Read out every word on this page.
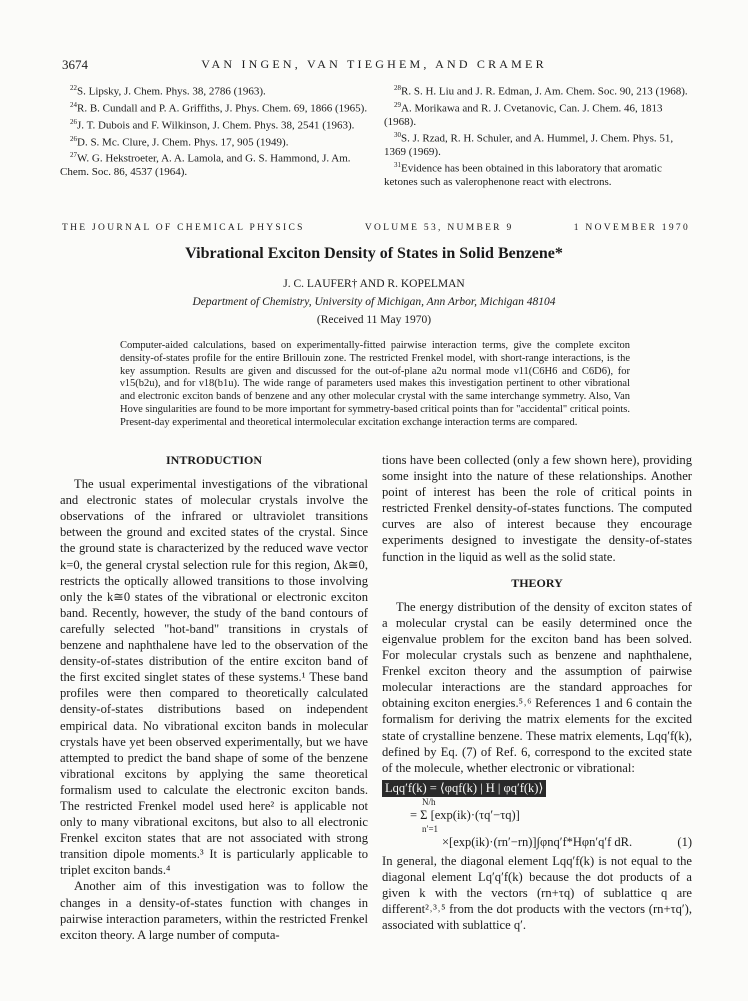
3674	VAN INGEN, VAN TIEGHEM, AND CRAMER

$^{22}$S. Lipsky, J. Chem. Phys. 38, 2786 (1963).

$^{24}$R. B. Cundall and P. A. Griffiths, J. Phys. Chem. 69, 1866 (1965).

$^{26}$J. T. Dubois and F. Wilkinson, J. Chem. Phys. 38, 2541 (1963).

$^{26}$D. S. Mc. Clure, J. Chem. Phys. 17, 905 (1949).

$^{27}$W. G. Hekstroeter, A. A. Lamola, and G. S. Hammond, J. Am. Chem. Soc. 86, 4537 (1964).

$^{28}$R. S. H. Liu and J. R. Edman, J. Am. Chem. Soc. 90, 213 (1968).

$^{29}$A. Morikawa and R. J. Cvetanovic, Can. J. Chem. 46, 1813 (1968).

$^{30}$S. J. Rzad, R. H. Schuler, and A. Hummel, J. Chem. Phys. 51, 1369 (1969).

$^{31}$Evidence has been obtained in this laboratory that aromatic ketones such as valerophenone react with electrons.

THE JOURNAL OF CHEMICAL PHYSICS	VOLUME 53, NUMBER 9	1 NOVEMBER 1970
Vibrational Exciton Density of States in Solid Benzene*
J. C. LAUFER† AND R. KOPELMAN
Department of Chemistry, University of Michigan, Ann Arbor, Michigan 48104
(Received 11 May 1970)
Computer-aided calculations, based on experimentally-fitted pairwise interaction terms, give the complete exciton density-of-states profile for the entire Brillouin zone. The restricted Frenkel model, with short-range interactions, is the key assumption. Results are given and discussed for the out-of-plane a2u normal mode ν11(C6H6 and C6D6), for ν15(b2u), and for ν18(b1u). The wide range of parameters used makes this investigation pertinent to other vibrational and electronic exciton bands of benzene and any other molecular crystal with the same interchange symmetry. Also, Van Hove singularities are found to be more important for symmetry-based critical points than for "accidental" critical points. Present-day experimental and theoretical intermolecular excitation exchange interaction terms are compared.

INTRODUCTION

The usual experimental investigations of the vibrational and electronic states of molecular crystals involve the observations of the infrared or ultraviolet transitions between the ground and excited states of the crystal. Since the ground state is characterized by the reduced wave vector k=0, the general crystal selection rule for this region, Δk≅0, restricts the optically allowed transitions to those involving only the k≅0 states of the vibrational or electronic exciton band. Recently, however, the study of the band contours of carefully selected "hot-band" transitions in crystals of benzene and naphthalene have led to the observation of the density-of-states distribution of the entire exciton band of the first excited singlet states of these systems.¹ These band profiles were then compared to theoretically calculated density-of-states distributions based on independent empirical data. No vibrational exciton bands in molecular crystals have yet been observed experimentally, but we have attempted to predict the band shape of some of the benzene vibrational excitons by applying the same theoretical formalism used to calculate the electronic exciton bands. The restricted Frenkel model used here² is applicable not only to many vibrational excitons, but also to all electronic Frenkel exciton states that are not associated with strong transition dipole moments.³ It is particularly applicable to triplet exciton bands.⁴

Another aim of this investigation was to follow the changes in a density-of-states function with changes in pairwise interaction parameters, within the restricted Frenkel exciton theory. A large number of computa-

tions have been collected (only a few shown here), providing some insight into the nature of these relationships. Another point of interest has been the role of critical points in restricted Frenkel density-of-states functions. The computed curves are also of interest because they encourage experiments designed to investigate the density-of-states function in the liquid as well as the solid state.

THEORY

The energy distribution of the density of exciton states of a molecular crystal can be easily determined once the eigenvalue problem for the exciton band has been solved. For molecular crystals such as benzene and naphthalene, Frenkel exciton theory and the assumption of pairwise molecular interactions are the standard approaches for obtaining exciton energies.⁵˒⁶ References 1 and 6 contain the formalism for deriving the matrix elements for the excited state of crystalline benzene. These matrix elements, Lqq′f(k), defined by Eq. (7) of Ref. 6, correspond to the excited state of the molecule, whether electronic or vibrational:

Lqq′f(k) = ⟨φqf(k) | H | φq′f(k)⟩
N/h
= Σ [exp(ik)·(τq′−τq)]
n′=1
×[exp(ik)·(rn′−rn)]∫φnq′f*Hφn′q′f dR.	(1)

In general, the diagonal element Lqq′f(k) is not equal to the diagonal element Lq′q′f(k) because the dot products of a given k with the vectors (rn+τq) of sublattice q are different²˒³˒⁵ from the dot products with the vectors (rn+τq′), associated with sublattice q′.
